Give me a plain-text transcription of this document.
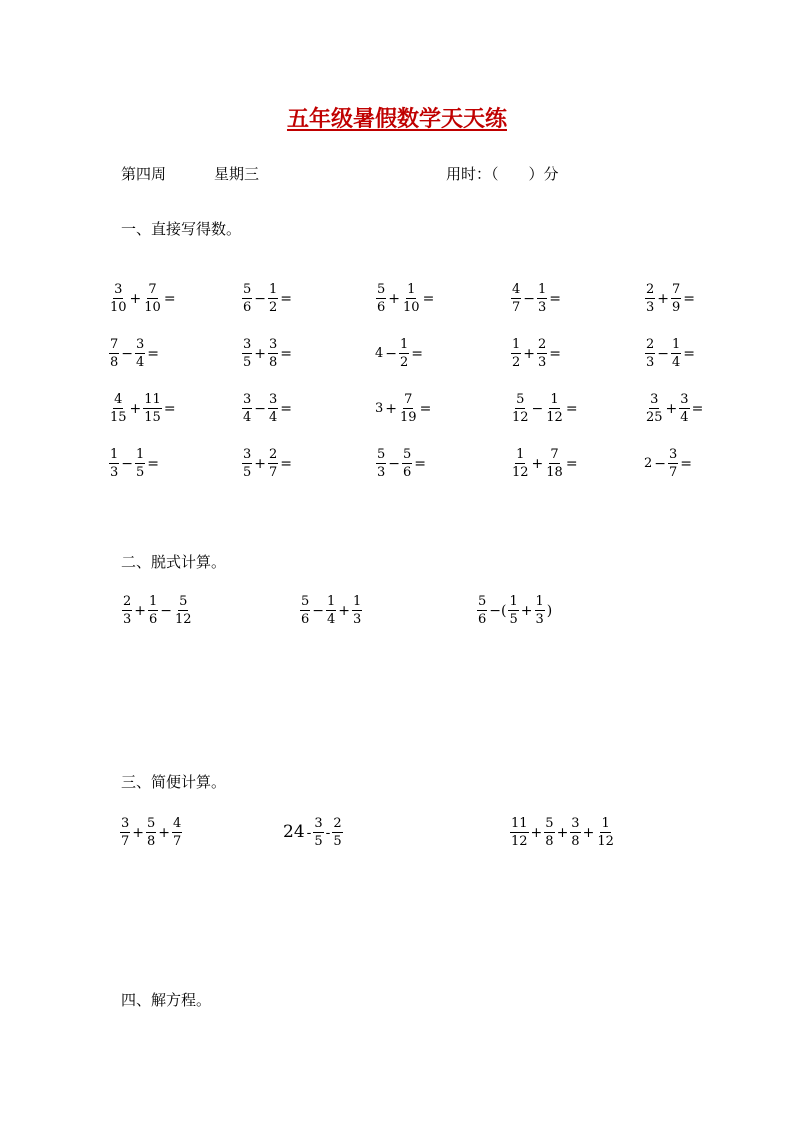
五年级暑假数学天天练
第四周	星期三	用时：（　　）分
一、直接写得数。
$\frac{3}{10} + \frac{7}{10}$ =	$\frac{5}{6} - \frac{1}{2}$ =	$\frac{5}{6} + \frac{1}{10}$ =	$\frac{4}{7} - \frac{1}{3}$ =	$\frac{2}{3} + \frac{7}{9}$ =
$\frac{7}{8} - \frac{3}{4}$ =	$\frac{3}{5} + \frac{3}{8}$ =	$4 - \frac{1}{2}$ =	$\frac{1}{2} + \frac{2}{3}$ =	$\frac{2}{3} - \frac{1}{4}$ =
$\frac{4}{15} + \frac{11}{15}$ =	$\frac{3}{4} - \frac{3}{4}$ =	$3 + \frac{7}{19}$ =	$\frac{5}{12} - \frac{1}{12}$ =	$\frac{3}{25} + \frac{3}{4}$ =
$\frac{1}{3} - \frac{1}{5}$ =	$\frac{3}{5} + \frac{2}{7}$ =	$\frac{5}{3} - \frac{5}{6}$ =	$\frac{1}{12} + \frac{7}{18}$ =	$2 - \frac{3}{7}$ =
二、脱式计算。
$\frac{2}{3} + \frac{1}{6} - \frac{5}{12}$	$\frac{5}{6} - \frac{1}{4} + \frac{1}{3}$	$\frac{5}{6}$ −( $\frac{1}{5} + \frac{1}{3}$ )
三、简便计算。
$\frac{3}{7} + \frac{5}{8} + \frac{4}{7}$	$24 - \frac{3}{5} - \frac{2}{5}$	$\frac{11}{12} + \frac{5}{8} + \frac{3}{8} + \frac{1}{12}$
四、解方程。
